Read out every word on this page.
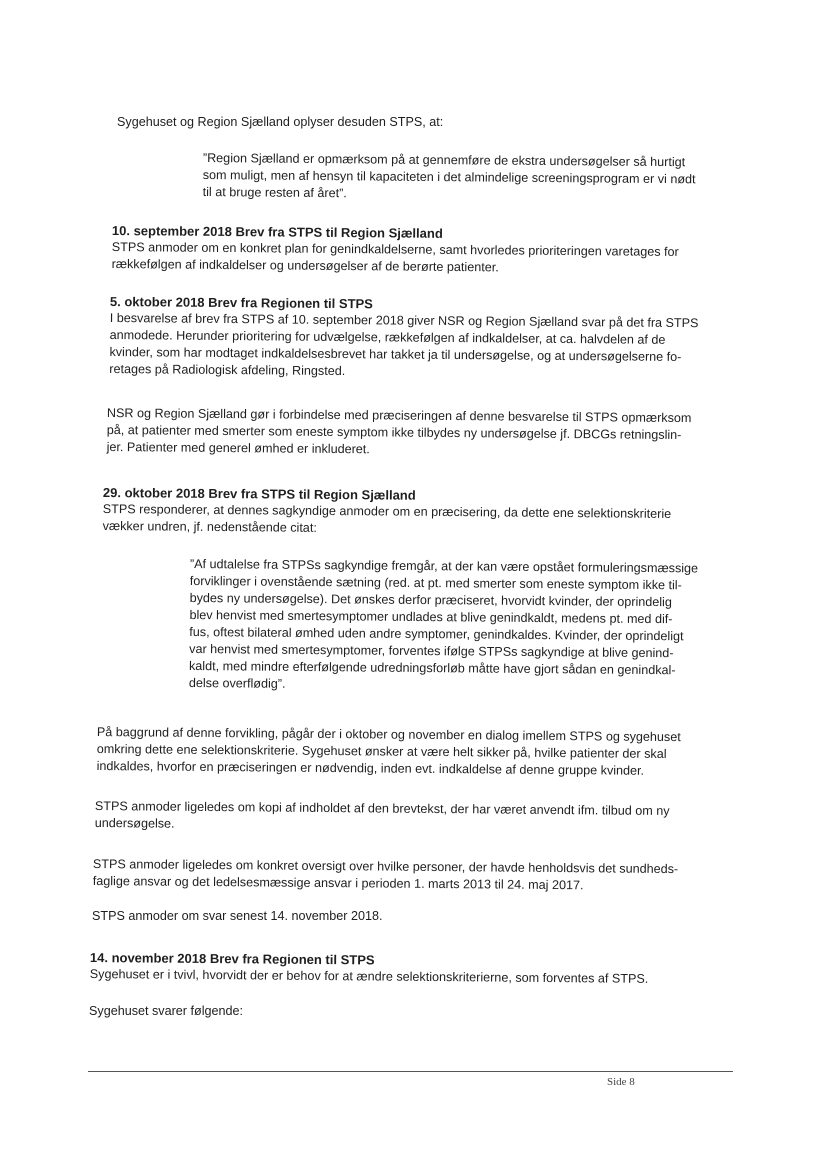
Sygehuset og Region Sjælland oplyser desuden STPS, at:

”Region Sjælland er opmærksom på at gennemføre de ekstra undersøgelser så hurtigt

som muligt, men af hensyn til kapaciteten i det almindelige screeningsprogram er vi nødt

til at bruge resten af året”.

10. september 2018 Brev fra STPS til Region Sjælland

STPS anmoder om en konkret plan for genindkaldelserne, samt hvorledes prioriteringen varetages for

rækkefølgen af indkaldelser og undersøgelser af de berørte patienter.

5. oktober 2018 Brev fra Regionen til STPS

I besvarelse af brev fra STPS af 10. september 2018 giver NSR og Region Sjælland svar på det fra STPS

anmodede. Herunder prioritering for udvælgelse, rækkefølgen af indkaldelser, at ca. halvdelen af de

kvinder, som har modtaget indkaldelsesbrevet har takket ja til undersøgelse, og at undersøgelserne fo-

retages på Radiologisk afdeling, Ringsted.

NSR og Region Sjælland gør i forbindelse med præciseringen af denne besvarelse til STPS opmærksom

på, at patienter med smerter som eneste symptom ikke tilbydes ny undersøgelse jf. DBCGs retningslin-

jer. Patienter med generel ømhed er inkluderet.

29. oktober 2018 Brev fra STPS til Region Sjælland

STPS responderer, at dennes sagkyndige anmoder om en præcisering, da dette ene selektionskriterie

vækker undren, jf. nedenstående citat:

”Af udtalelse fra STPSs sagkyndige fremgår, at der kan være opstået formuleringsmæssige

forviklinger i ovenstående sætning (red. at pt. med smerter som eneste symptom ikke til-

bydes ny undersøgelse). Det ønskes derfor præciseret, hvorvidt kvinder, der oprindelig

blev henvist med smertesymptomer undlades at blive genindkaldt, medens pt. med dif-

fus, oftest bilateral ømhed uden andre symptomer, genindkaldes. Kvinder, der oprindeligt

var henvist med smertesymptomer, forventes ifølge STPSs sagkyndige at blive genind-

kaldt, med mindre efterfølgende udredningsforløb måtte have gjort sådan en genindkal-

delse overflødig”.

På baggrund af denne forvikling, pågår der i oktober og november en dialog imellem STPS og sygehuset

omkring dette ene selektionskriterie. Sygehuset ønsker at være helt sikker på, hvilke patienter der skal

indkaldes, hvorfor en præciseringen er nødvendig, inden evt. indkaldelse af denne gruppe kvinder.

STPS anmoder ligeledes om kopi af indholdet af den brevtekst, der har været anvendt ifm. tilbud om ny

undersøgelse.

STPS anmoder ligeledes om konkret oversigt over hvilke personer, der havde henholdsvis det sundheds-

faglige ansvar og det ledelsesmæssige ansvar i perioden 1. marts 2013 til 24. maj 2017.

STPS anmoder om svar senest 14. november 2018.

14. november 2018 Brev fra Regionen til STPS

Sygehuset er i tvivl, hvorvidt der er behov for at ændre selektionskriterierne, som forventes af STPS.

Sygehuset svarer følgende:

Side 8
